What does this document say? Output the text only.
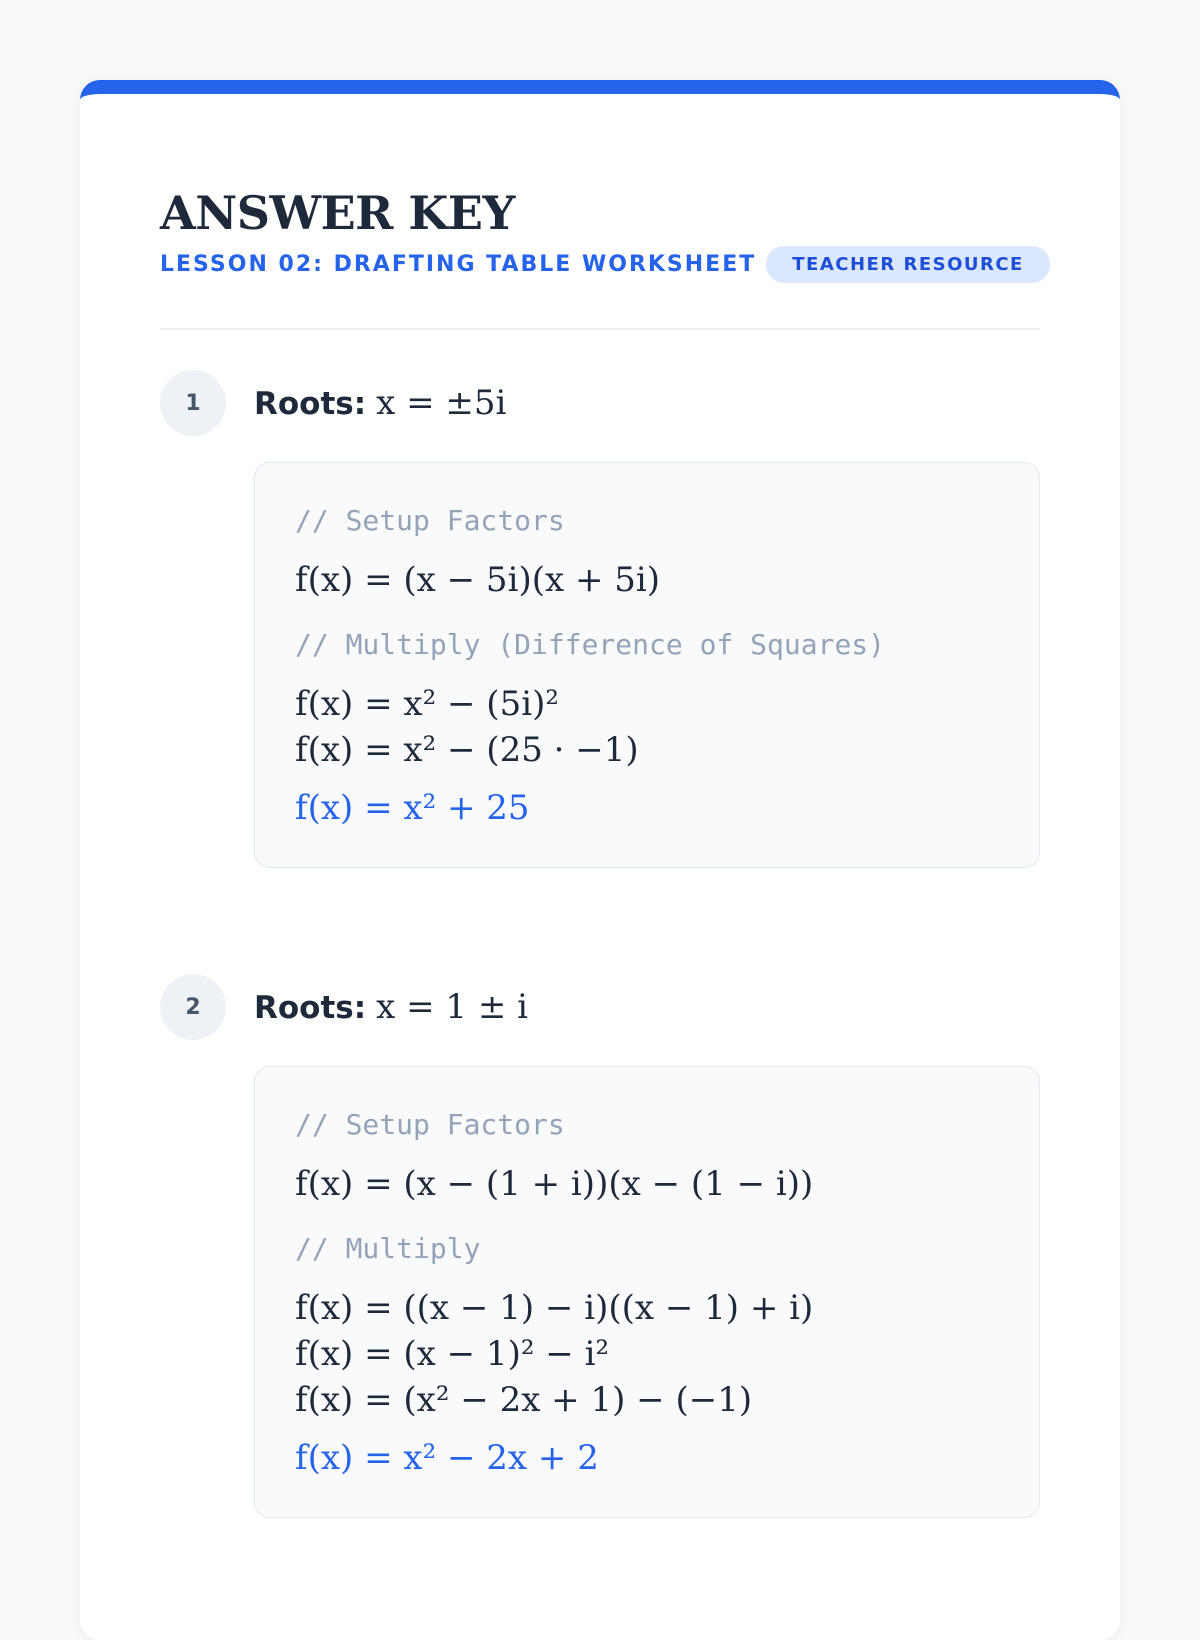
ANSWER KEY
LESSON 02: DRAFTING TABLE WORKSHEET	TEACHER RESOURCE
1	Roots: x = ±5i
// Setup Factors
f(x) = (x − 5i)(x + 5i)
// Multiply (Difference of Squares)
f(x) = x² − (5i)²
f(x) = x² − (25 · −1)
f(x) = x² + 25
2	Roots: x = 1 ± i
// Setup Factors
f(x) = (x − (1 + i))(x − (1 − i))
// Multiply
f(x) = ((x − 1) − i)((x − 1) + i)
f(x) = (x − 1)² − i²
f(x) = (x² − 2x + 1) − (−1)
f(x) = x² − 2x + 2
